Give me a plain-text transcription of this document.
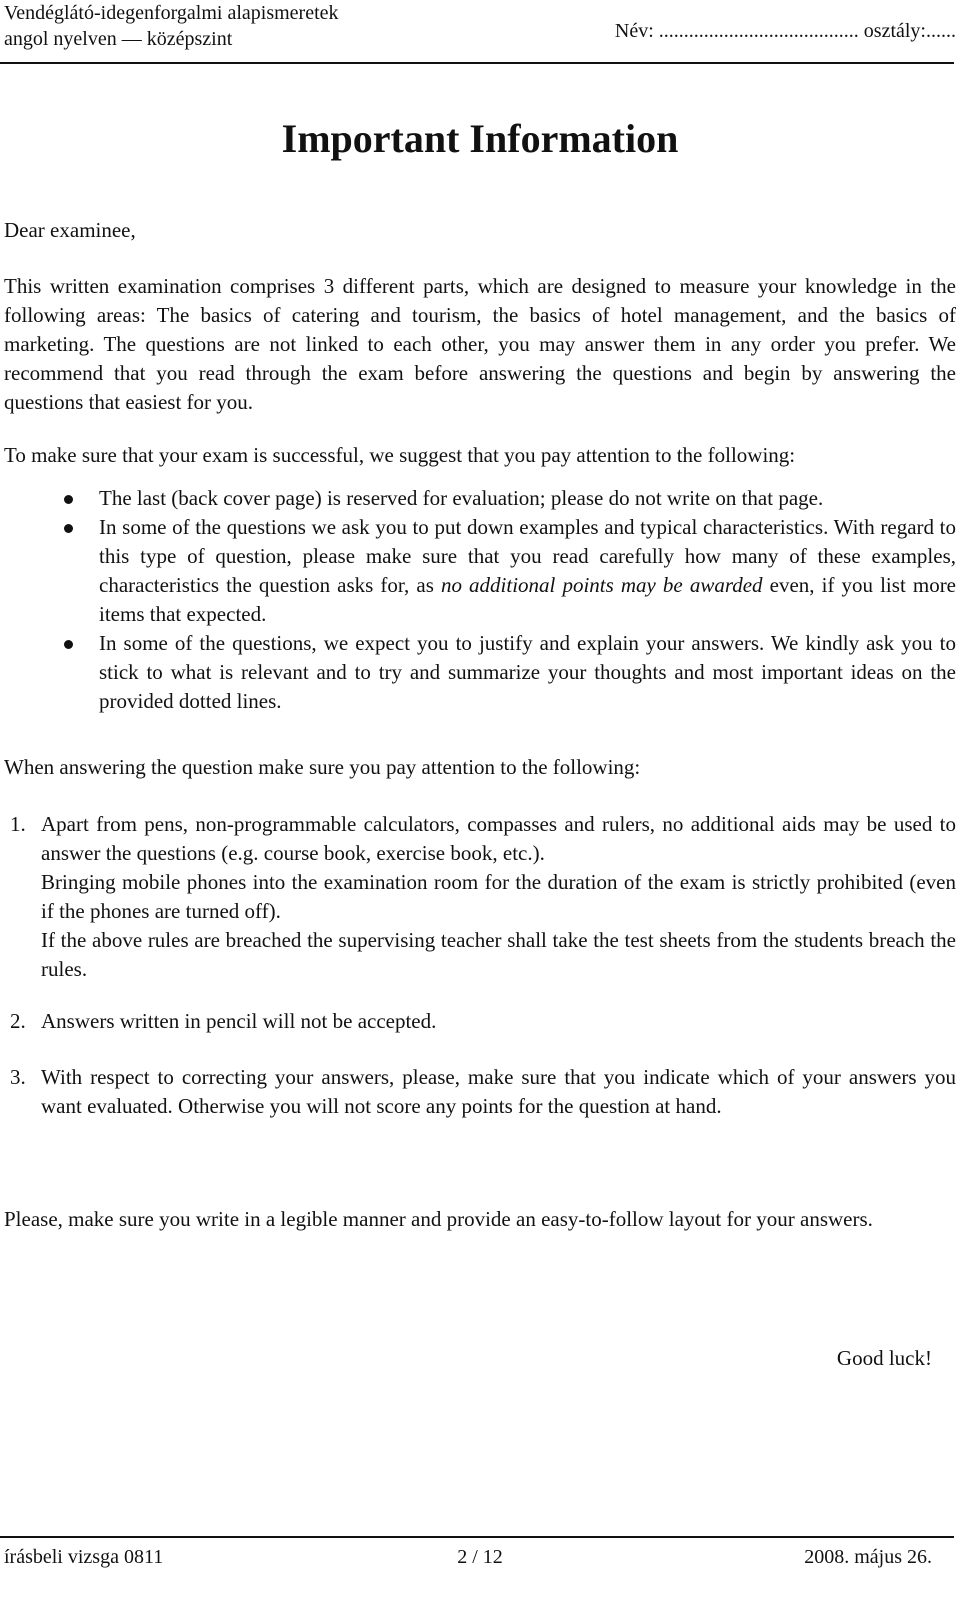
Vendéglátó-idegenforgalmi alapismeretek
angol nyelven — középszint	Név: ........................................ osztály:......
Important Information

Dear examinee,

This written examination comprises 3 different parts, which are designed to measure your knowledge in the following areas: The basics of catering and tourism, the basics of hotel management, and the basics of marketing. The questions are not linked to each other, you may answer them in any order you prefer. We recommend that you read through the exam before answering the questions and begin by answering the questions that easiest for you.

To make sure that your exam is successful, we suggest that you pay attention to the following:

The last (back cover page) is reserved for evaluation; please do not write on that page.
In some of the questions we ask you to put down examples and typical characteristics. With regard to this type of question, please make sure that you read carefully how many of these examples, characteristics the question asks for, as no additional points may be awarded even, if you list more items that expected.
In some of the questions, we expect you to justify and explain your answers. We kindly ask you to stick to what is relevant and to try and summarize your thoughts and most important ideas on the provided dotted lines.

When answering the question make sure you pay attention to the following:

1. Apart from pens, non-programmable calculators, compasses and rulers, no additional aids may be used to answer the questions (e.g. course book, exercise book, etc.).
Bringing mobile phones into the examination room for the duration of the exam is strictly prohibited (even if the phones are turned off).
If the above rules are breached the supervising teacher shall take the test sheets from the students breach the rules.
2. Answers written in pencil will not be accepted.
3. With respect to correcting your answers, please, make sure that you indicate which of your answers you want evaluated. Otherwise you will not score any points for the question at hand.

Please, make sure you write in a legible manner and provide an easy-to-follow layout for your answers.

Good luck!
írásbeli vizsga 0811	2 / 12	2008. május 26.
